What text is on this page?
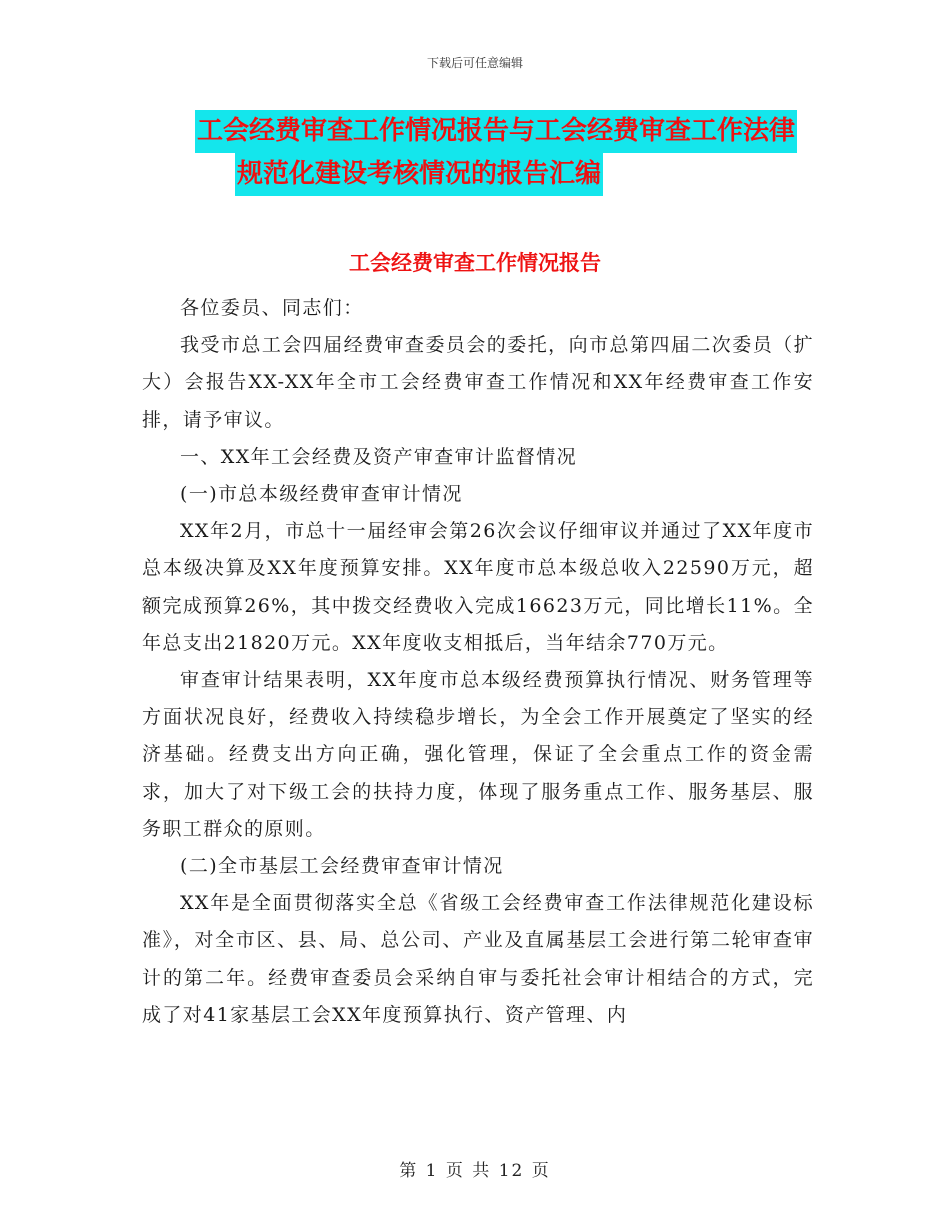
下载后可任意编辑
工会经费审查工作情况报告与工会经费审查工作法律
规范化建设考核情况的报告汇编
工会经费审查工作情况报告

各位委员、同志们：

我受市总工会四届经费审查委员会的委托，向市总第四届二次委员（扩大）会报告XX-XX年全市工会经费审查工作情况和XX年经费审查工作安排，请予审议。

一、XX年工会经费及资产审查审计监督情况

(一)市总本级经费审查审计情况

XX年2月，市总十一届经审会第26次会议仔细审议并通过了XX年度市总本级决算及XX年度预算安排。XX年度市总本级总收入22590万元，超额完成预算26%，其中拨交经费收入完成16623万元，同比增长11%。全年总支出21820万元。XX年度收支相抵后，当年结余770万元。

审查审计结果表明，XX年度市总本级经费预算执行情况、财务管理等方面状况良好，经费收入持续稳步增长，为全会工作开展奠定了坚实的经济基础。经费支出方向正确，强化管理，保证了全会重点工作的资金需求，加大了对下级工会的扶持力度，体现了服务重点工作、服务基层、服务职工群众的原则。

(二)全市基层工会经费审查审计情况

XX年是全面贯彻落实全总《省级工会经费审查工作法律规范化建设标准》，对全市区、县、局、总公司、产业及直属基层工会进行第二轮审查审计的第二年。经费审查委员会采纳自审与委托社会审计相结合的方式，完成了对41家基层工会XX年度预算执行、资产管理、内

第 1 页 共 12 页
